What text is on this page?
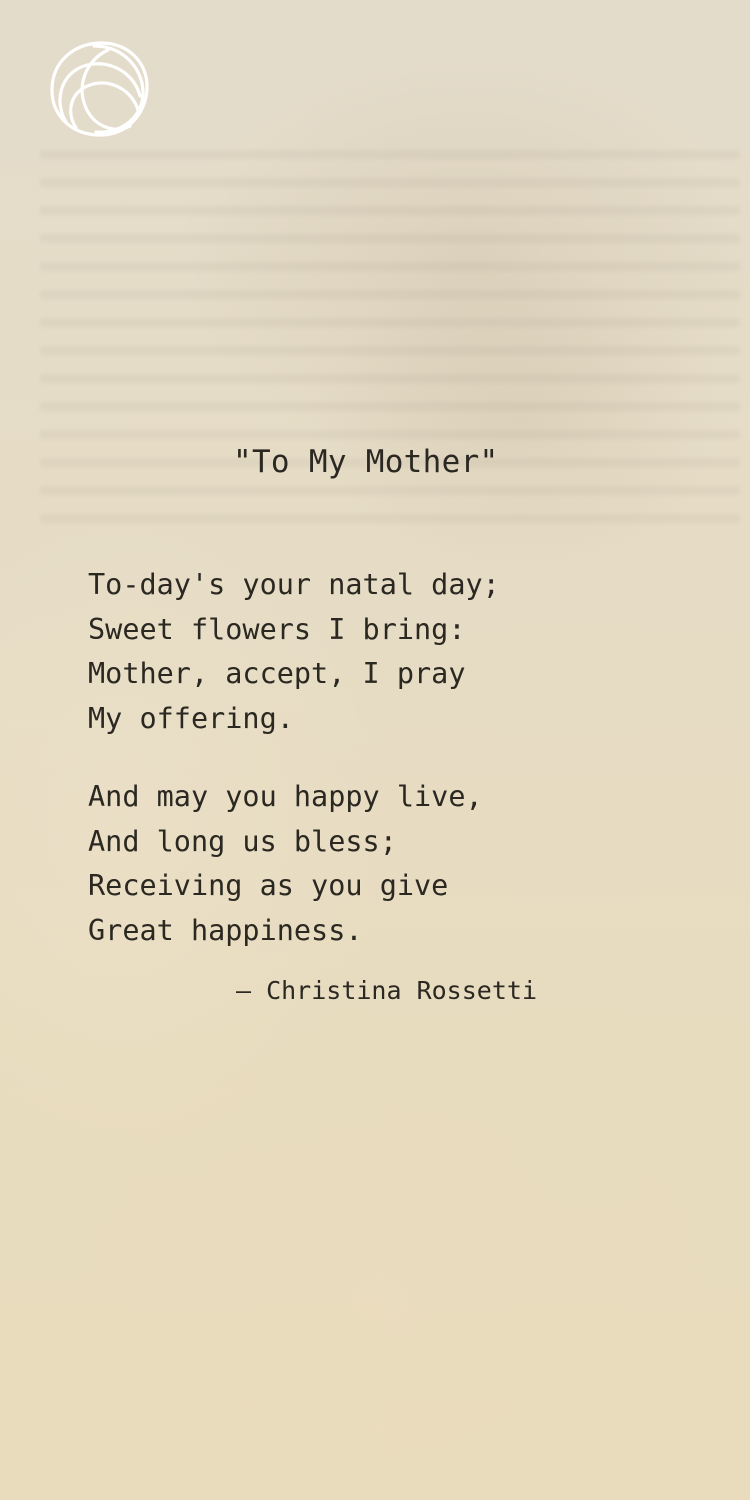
"To My Mother"
To-day's your natal day;
Sweet flowers I bring:
Mother, accept, I pray
My offering.
And may you happy live,
And long us bless;
Receiving as you give
Great happiness.
— Christina Rossetti
